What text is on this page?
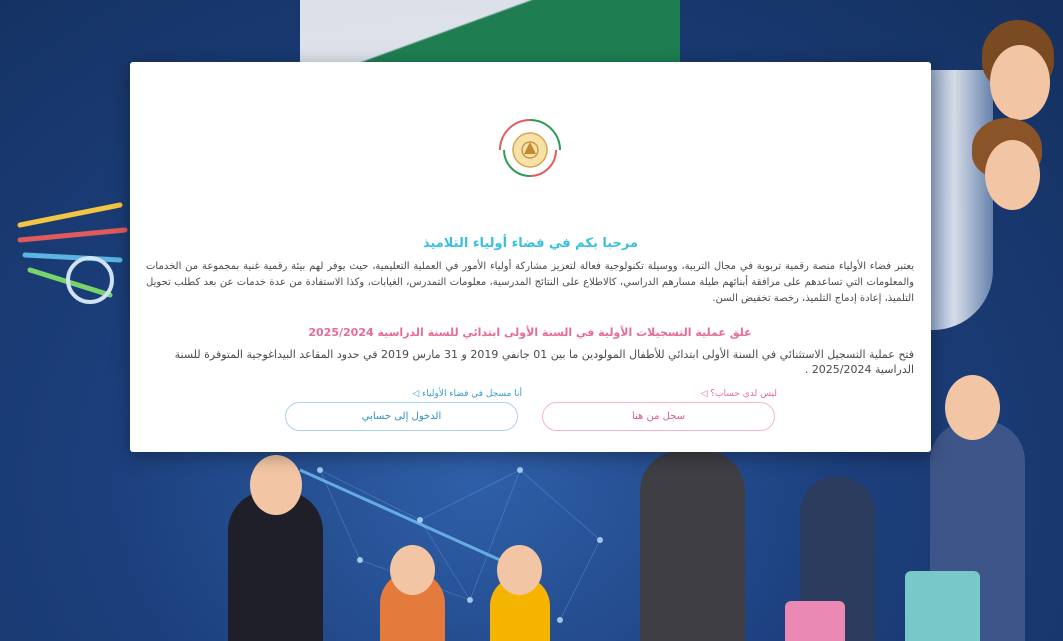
مرحبا بكم في فضاء أولياء التلاميذ
يعتبر فضاء الأولياء منصة رقمية تربوية في مجال التربية، ووسيلة تكنولوجية فعالة لتعزيز مشاركة أولياء الأمور في العملية التعليمية، حيث يوفر لهم بيئة رقمية غنية بمجموعة من الخدمات والمعلومات التي تساعدهم على مرافقة أبنائهم طيلة مسارهم الدراسي، كالاطلاع على النتائج المدرسية، معلومات التمدرس، الغيابات، وكذا الاستفادة من عدة خدمات عن بعد كطلب تحويل التلميذ، إعادة إدماج التلميذ، رخصة تخفيض السن.
غلق عملية التسجيلات الأولية في السنة الأولى ابتدائي للسنة الدراسية 2025/2024
فتح عملية التسجيل الاستثنائي في السنة الأولى ابتدائي للأطفال المولودين ما بين 01 جانفي 2019 و 31 مارس 2019 في حدود المقاعد البيداغوجية المتوفرة للسنة الدراسية 2025/2024 .
ليس لدي حساب؟ ◁
أنا مسجل في فضاء الأولياء ◁
سجل من هنا
الدخول إلى حسابي
